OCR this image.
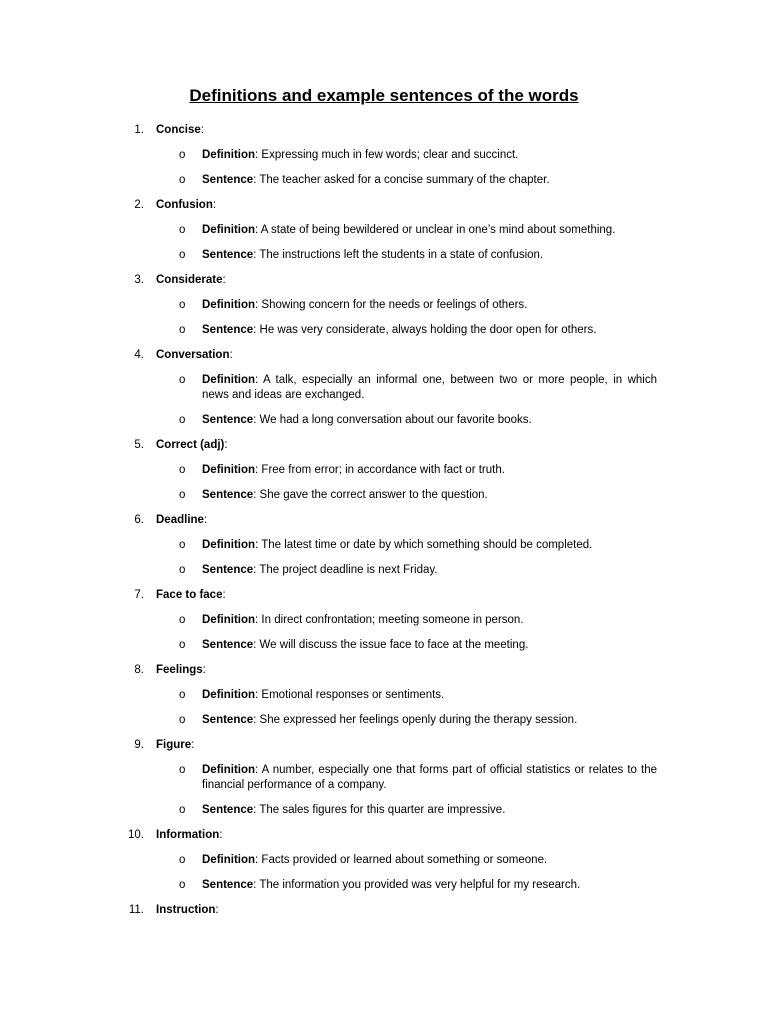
Definitions and example sentences of the words
1. Concise:
o Definition: Expressing much in few words; clear and succinct.
o Sentence: The teacher asked for a concise summary of the chapter.
2. Confusion:
o Definition: A state of being bewildered or unclear in one’s mind about something.
o Sentence: The instructions left the students in a state of confusion.
3. Considerate:
o Definition: Showing concern for the needs or feelings of others.
o Sentence: He was very considerate, always holding the door open for others.
4. Conversation:
o Definition: A talk, especially an informal one, between two or more people, in which news and ideas are exchanged.
o Sentence: We had a long conversation about our favorite books.
5. Correct (adj):
o Definition: Free from error; in accordance with fact or truth.
o Sentence: She gave the correct answer to the question.
6. Deadline:
o Definition: The latest time or date by which something should be completed.
o Sentence: The project deadline is next Friday.
7. Face to face:
o Definition: In direct confrontation; meeting someone in person.
o Sentence: We will discuss the issue face to face at the meeting.
8. Feelings:
o Definition: Emotional responses or sentiments.
o Sentence: She expressed her feelings openly during the therapy session.
9. Figure:
o Definition: A number, especially one that forms part of official statistics or relates to the financial performance of a company.
o Sentence: The sales figures for this quarter are impressive.
10. Information:
o Definition: Facts provided or learned about something or someone.
o Sentence: The information you provided was very helpful for my research.
11. Instruction:
